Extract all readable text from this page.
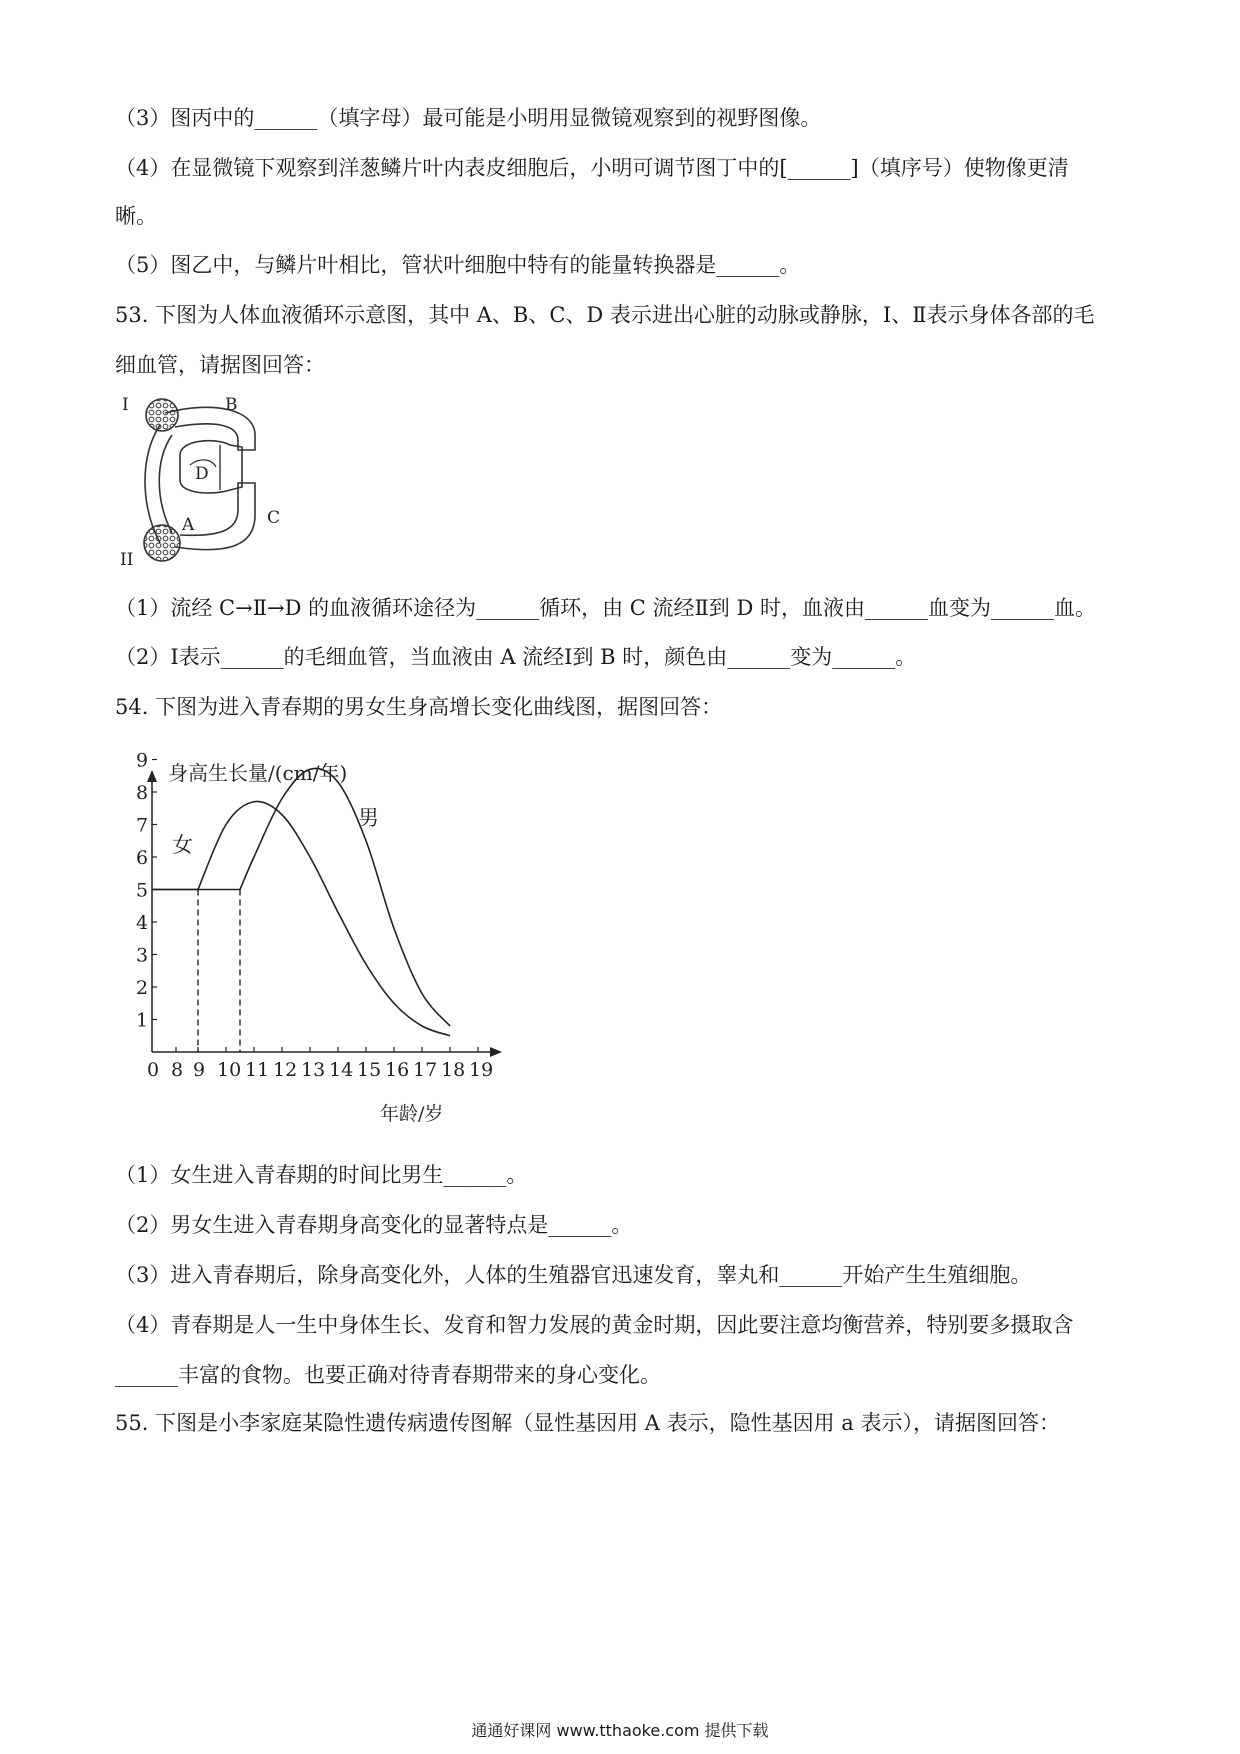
（3）图丙中的______（填字母）最可能是小明用显微镜观察到的视野图像。
（4）在显微镜下观察到洋葱鳞片叶内表皮细胞后，小明可调节图丁中的[______]（填序号）使物像更清
晰。
（5）图乙中，与鳞片叶相比，管状叶细胞中特有的能量转换器是______。
53. 下图为人体血液循环示意图，其中 A、B、C、D 表示进出心脏的动脉或静脉，Ⅰ、Ⅱ表示身体各部的毛
细血管，请据图回答：
I	B
D
A	C
II
（1）流经 C→Ⅱ→D 的血液循环途径为______循环，由 C 流经Ⅱ到 D 时，血液由______血变为______血。
（2）Ⅰ表示______的毛细血管，当血液由 A 流经Ⅰ到 B 时，颜色由______变为______。
54. 下图为进入青春期的男女生身高增长变化曲线图，据图回答：
身高生长量/(cm/年)
年龄/岁
1
2
3
4
5
6
7
8
9
0 8 9 10 11 12 13 14 15 16 17 18 19
女
男
（1）女生进入青春期的时间比男生______。
（2）男女生进入青春期身高变化的显著特点是______。
（3）进入青春期后，除身高变化外，人体的生殖器官迅速发育，睾丸和______开始产生生殖细胞。
（4）青春期是人一生中身体生长、发育和智力发展的黄金时期，因此要注意均衡营养，特别要多摄取含
______丰富的食物。也要正确对待青春期带来的身心变化。
55. 下图是小李家庭某隐性遗传病遗传图解（显性基因用 A 表示，隐性基因用 a 表示），请据图回答：
通通好课网 www.tthaoke.com 提供下载
